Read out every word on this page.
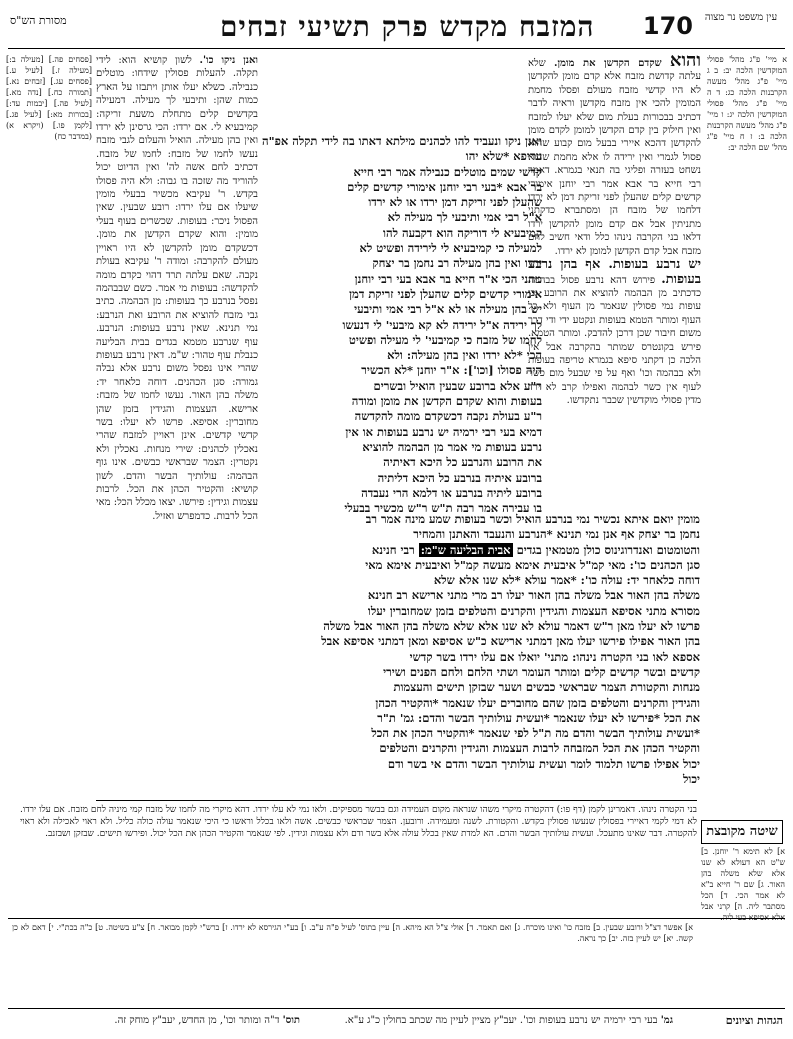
עין משפט נר מצוה
170
המזבח מקדש פרק תשיעי זבחים
מסורת הש"ס
א מיי' פ"ג מהל' פסולי המוקדשין הלכה יב: ב ג מיי' פ"ג מהל' מעשה הקרבנות הלכה כג: ד ה מיי' פ"ג מהל' פסולי המוקדשין הלכה יג: ו מיי' פ"ג מהל' מעשה הקרבנות הלכה ב: ז ח מיי' פ"ג מהל' שם הלכה יב:
והוא שקדם הקדשן את מומן. שלא עלתה קדושת מזבח אלא קדם מומן להקדשן לא היו קדשי מזבח מעולם ופסלו מחמת המומין להכי אין מזבח מקדשן וראיה לדבר דכתיב בבכורות בעלת מום שלא יעלו למזבח ואין חילוק בין קדם הקדשן למומן לקדם מומן להקדשן דהכא איירי בבעל מום קבוע שהוא פסול לגמרי ואין ירידה לו אלא מחמת שהוא נשחט בעזרה ופליגי בה תנאי בגמרא. דאמר רבי חייא בר אבא אמר רבי יוחנן אימורי קדשים קלים שהעלן לפני זריקת דמן לא ירדו דלחמו של מזבח הן ומסתברא כדקתני מתניתין אבל אם קדם מומן להקדשן ירדו דלאו בני הקרבה נינהו כלל ודאי חשיב לחם מזבח אבל קדם הקדשן למומן לא ירדו.
יש נרבע בעופות. אף בהן נרבע בעופות. פירוש דהא נרבע פסול בבהמה כדכתיב מן הבהמה להוציא את הרובע וכן עופות נמי פסולין שנאמר מן העוף ולא כל העוף ומותר הטמא בעופות ונקטע ידי ודי דרך משום חיבור שכן דרכן להדבק. ומותר הטמא. פירש בקונטרס שמותר בהקרבה אבל אין הלכה כן דקתני סיפא בגמרא טריפה בעופות ולא בבהמה וכו' ואף על פי שבעל מום כשר לעוף אין כשר לבהמה ואפילו קרב לא ירד מדין פסולי מוקדשין שכבר נתקדשו.
ואנן ניקו ונעביד להו לכהנים מילתא דאתו בה לידי תקלה אפ"ה עדיפא *שלא יהו
קדשי שמים מוטלים כנבילה אמר רבי חייא
בר אבא *בעי רבי יוחנן אימורי קדשים קלים
שהעלן לפני זריקת דמן ירדו או לא ירדו
א"ל רבי אמי ותיבעי לך מעילה לא
קמיבעיא לי דוריקה הוא דקבעה להו
למעילה כי קמיבעיא לי לירידה ופשיט לא
ירדו ואין בהן מעילה רב נחמן בר יצחק
מתני הכי א"ר חייא בר אבא בעי רבי יוחנן
אימורי קדשים קלים שהעלן לפני זריקת דמן
יש בהן מעילה או לא א"ל רבי אמי ותיבעי
לך ירידה א"ל ירידה לא קא מיבעי' לי דנעשו
לחמו של מזבח כי קמיבעי' לי מעילה ופשיט
הכי *לא ירדו ואין בהן מעילה: ולא
היה פסולו [וכו']: א"ר יוחנן *לא הכשיר
ר"ע אלא ברובע שבעין הואיל ובשרים
בעופות והוא שקדם הקדשן את מומן ומודה
ר"ע בעולת נקבה דכשקדם מומה להקדשה
דמיא בעי רבי ירמיה יש נרבע בעופות או אין
נרבע בעופות מי אמר מן הבהמה להוציא
את הרובע והנרבע כל היכא דאיתיה
ברובע איתיה בנרבע כל היכא דליתיה
ברובע ליתיה בנרבע או דלמא הרי נעבדה
בו עבירה אמר רבה ת"ש ר"ש מכשיר בבעלי
מומין יואם איתא נכשיר נמי בנרבע הואיל וכשר בעופות שמע מינה אמר רב
נחמן בר יצחק אף אנן נמי תנינא *הנרבע והנעבד והאתנן והמחיר
והטומטום ואנדרוגינוס כולן מטמאין בגדים אבית הבליעה ש"מ: רבי חנינא
סגן הכהנים כו': מאי קמ"ל איבעית אימא מעשה קמ"ל ואיבעית אימא מאי
דוחה כלאחר יד: עולה כו': *אמר עולא *לא שנו אלא שלא
משלה בהן האור אבל משלה בהן האור יעלו רב מרי מתני ארישא רב חנינא
מסורא מתני אסיפא העצמות והגידין והקרנים והטלפים בזמן שמחוברין יעלו
פרשו לא יעלו מאן ר"ש דאמר עולא לא שנו אלא שלא משלה בהן האור אבל משלה
בהן האור אפילו פירשו יעלו מאן דמתני ארישא כ"ש אסיפא ומאן דמתני אסיפא אבל
אספא לאו בני הקטרה נינהו: מתני' יואלו אם עלו ירדו בשר קדשי
קדשים ובשר קדשים קלים ומותר העומר ושתי הלחם ולחם הפנים ושירי
מנחות והקטורת הצמר שבראשי כבשים ושער שבזקן תישים והעצמות
והגידין והקרנים והטלפים בזמן שהם מחוברים יעלו שנאמר *והקטיר הכהן
את הכל *פירשו לא יעלו שנאמר *ועשית עולותיך הבשר והדם: גמ' ת"ר
*ועשית עולותיך הבשר והדם מה ת"ל לפי שנאמר *והקטיר הכהן את הכל
והקטיר הכהן את הכל המזבחה לרבות העצמות והגידין והקרנים והטלפים
יכול אפילו פרשו תלמוד לומר ועשית עולותיך הבשר והדם אי בשר ודם
יכול
ואנן ניקו כו'. לשון קושיא הוא: לידי תקלה. להעלות פסולין שידחו: מוטלים כנבילה. כשלא יעלו אותן ויתבזו על הארץ כמות שהן: ותיבעי לך מעילה. דמעילה בקדשים קלים מתחלת משעת זריקה: קמיבעיא לי. אם ירדו: הכי גרסינן לא ירדו ואין בהן מעילה. הואיל והעלום לגבי מזבח נעשו לחמו של מזבח: לחמו של מזבח. דכתיב לחם אשה לה' ואין הדיוט יכול להוריד מה שזכה בו גבוה: ולא היה פסולו בקדש. ר' עקיבא מכשיר בבעלי מומין שיעלו אם עלו ירדו: רובע שבעין. שאין הפסול ניכר: בעופות. שכשרים בעוף בעלי מומין: והוא שקדם הקדשן את מומן. דכשקדם מומן להקדשן לא היו ראויין מעולם להקרבה: ומודה ר' עקיבא בעולת נקבה. שאם עלתה תרד דהוי כקדם מומה להקדשה: בעופות מי אמר. כשם שבבהמה נפסל בנרבע כך בעופות: מן הבהמה. כתיב גבי מזבח להוציא את הרובע ואת הנרבע: נמי תנינא. שאין נרבע בעופות: הנרבע. עוף שנרבע מטמא בגדים בבית הבליעה כנבלת עוף טהור: ש"מ. דאין נרבע בעופות שהרי אינו נפסל משום נרבע אלא נבלה גמורה: סגן הכהנים. דוחה כלאחר יד: משלה בהן האור. נעשו לחמו של מזבח: ארישא. העצמות והגידין בזמן שהן מחוברין: אסיפא. פרשו לא יעלו: בשר קדשי קדשים. אינן ראויין למזבח שהרי נאכלין לכהנים: שירי מנחות. נאכלין ולא נקטרין: הצמר שבראשי כבשים. אינו גוף הבהמה: עולותיך הבשר והדם. לשון קושיא: והקטיר הכהן את הכל. לרבות עצמות וגידין: פירשו. יצאו מכלל הכל: מאי הכל לרבות. כדמפרש ואזיל.
[פסחים פה.] [מעילה ב:] [מעילה ז.] [לעיל ע.] [פסחים עג.] [זבחים נא.] [תמורה כח.] [נדה מא.] [לעיל פה.] [יבמות עד:] [בכורות מא:] [לעיל פג.] [לקמן פו.] (ויקרא א) (במדבר כח)
שיטה מקובצת
א] לא תימא ר' יוחנן. ב] ש"ט הא דעולא לא שנו אלא שלא משלה בהן האור. ג] שם ר' חייא ב"א לא אמר הכי. ד] הכל מסתבר ליה. ה] קרני אבל אלא אסיפא בעי ליה.
בני הקטרה נינהו. דאמרינן לקמן (דף פו:) דהקטרה מיקרי משהו שנראה מקום העמידה וגם בבשר מספיקים. ולאו נמי לא עלו ירדו. דהא מיקרי מה לחמו של מזבח קמי מיניה לחם מזבח. אם עלו ירדו. לא דמי לקמי דאיירי בפסולין שנעשו פסולין בקדש. והקטורת. לשנה ומעמידה. ורובען. הצמר שבראשי כבשים. אשה ולאו בכלל וראשו כי היכי שנאמר עולה כולה כליל. ולא ראוי לאכילה ולא ראוי להקטרה. דבר שאינו מתעכל. ועשית עולותיך הבשר והדם. הא למדת שאין בכלל עולה אלא בשר ודם ולא עצמות וגידין. לפי שנאמר והקטיר הכהן את הכל יכול. ופירשו תישים. שבזקן ושבזנב.
א] אפשר דצ"ל ורובע שבעין. ב] מזבח כו' ואינו מוכרח. ג] ואם תאמר. ד] אולי צ"ל הא מיהא. ה] עיין בתוס' לעיל פ"ה ע"ב. ו] בע"י הגירסא לא ירדו. ז] ברש"י לקמן מבואר. ח] צ"ע בשיטה. ט] כ"ה בכת"י. י] דאם לא כן קשה. יא] יש לעיין בזה. יב] כך נראה.
הגהות וציונים
גמ' בעי רבי ירמיה יש נרבע בעופות וכו'. יעב"ץ מציין לעיין מה שכתב בחולין כ"ג ע"א.
תוס' ד"ה ומותר וכו', מן החדש, יעב"ץ מוחק זה.
